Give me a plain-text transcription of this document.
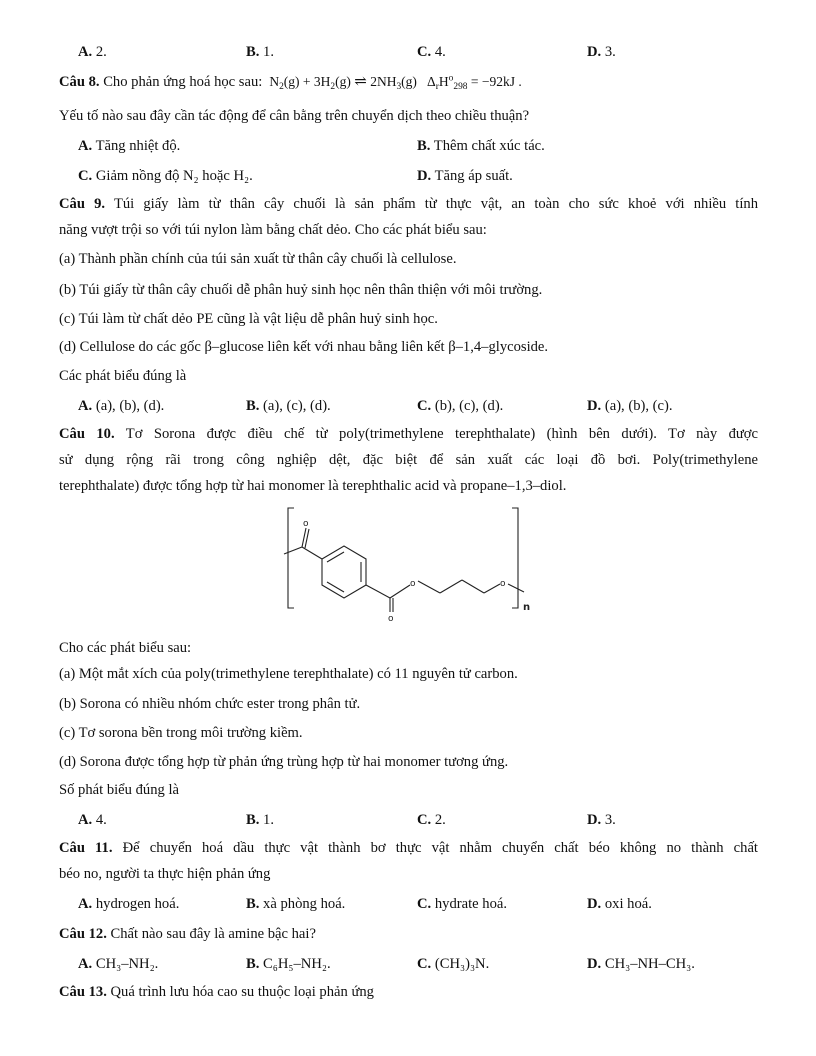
A. 2.	B. 1.	C. 4.	D. 3.
Câu 8. Cho phản ứng hoá học sau:  $N_2(g) + 3H_2(g)$ ⇌ $2NH_3(g) \Delta_rH^o_{298} = -92kJ$ .
Yếu tố nào sau đây cần tác động để cân bằng trên chuyển dịch theo chiều thuận?
A. Tăng nhiệt độ.	B. Thêm chất xúc tác.
C. Giảm nồng độ N₂ hoặc H₂.	D. Tăng áp suất.
Câu 9. Túi giấy làm từ thân cây chuối là sản phẩm từ thực vật, an toàn cho sức khoẻ với nhiều tính
năng vượt trội so với túi nylon làm bằng chất dẻo. Cho các phát biểu sau:
(a) Thành phần chính của túi sản xuất từ thân cây chuối là cellulose.
(b) Túi giấy từ thân cây chuối dễ phân huỷ sinh học nên thân thiện với môi trường.
(c) Túi làm từ chất dẻo PE cũng là vật liệu dễ phân huỷ sinh học.
(d) Cellulose do các gốc β–glucose liên kết với nhau bằng liên kết β–1,4–glycoside.
Các phát biểu đúng là
A. (a), (b), (d).	B. (a), (c), (d).	C. (b), (c), (d).	D. (a), (b), (c).
Câu 10. Tơ Sorona được điều chế từ poly(trimethylene terephthalate) (hình bên dưới). Tơ này được
sử dụng rộng rãi trong công nghiệp dệt, đặc biệt để sản xuất các loại đồ bơi. Poly(trimethylene
terephthalate) được tổng hợp từ hai monomer là terephthalic acid và propane–1,3–diol.
o
o
o	o
n
Cho các phát biểu sau:
(a) Một mắt xích của poly(trimethylene terephthalate) có 11 nguyên tử carbon.
(b) Sorona có nhiều nhóm chức ester trong phân tử.
(c) Tơ sorona bền trong môi trường kiềm.
(d) Sorona được tổng hợp từ phản ứng trùng hợp từ hai monomer tương ứng.
Số phát biểu đúng là
A. 4.	B. 1.	C. 2.	D. 3.
Câu 11. Để chuyển hoá dầu thực vật thành bơ thực vật nhằm chuyển chất béo không no thành chất
béo no, người ta thực hiện phản ứng
A. hydrogen hoá.	B. xà phòng hoá.	C. hydrate hoá.	D. oxi hoá.
Câu 12. Chất nào sau đây là amine bậc hai?
A. CH₃–NH₂.	B. C₆H₅–NH₂.	C. (CH₃)₃N.	D. CH₃–NH–CH₃.
Câu 13. Quá trình lưu hóa cao su thuộc loại phản ứng
